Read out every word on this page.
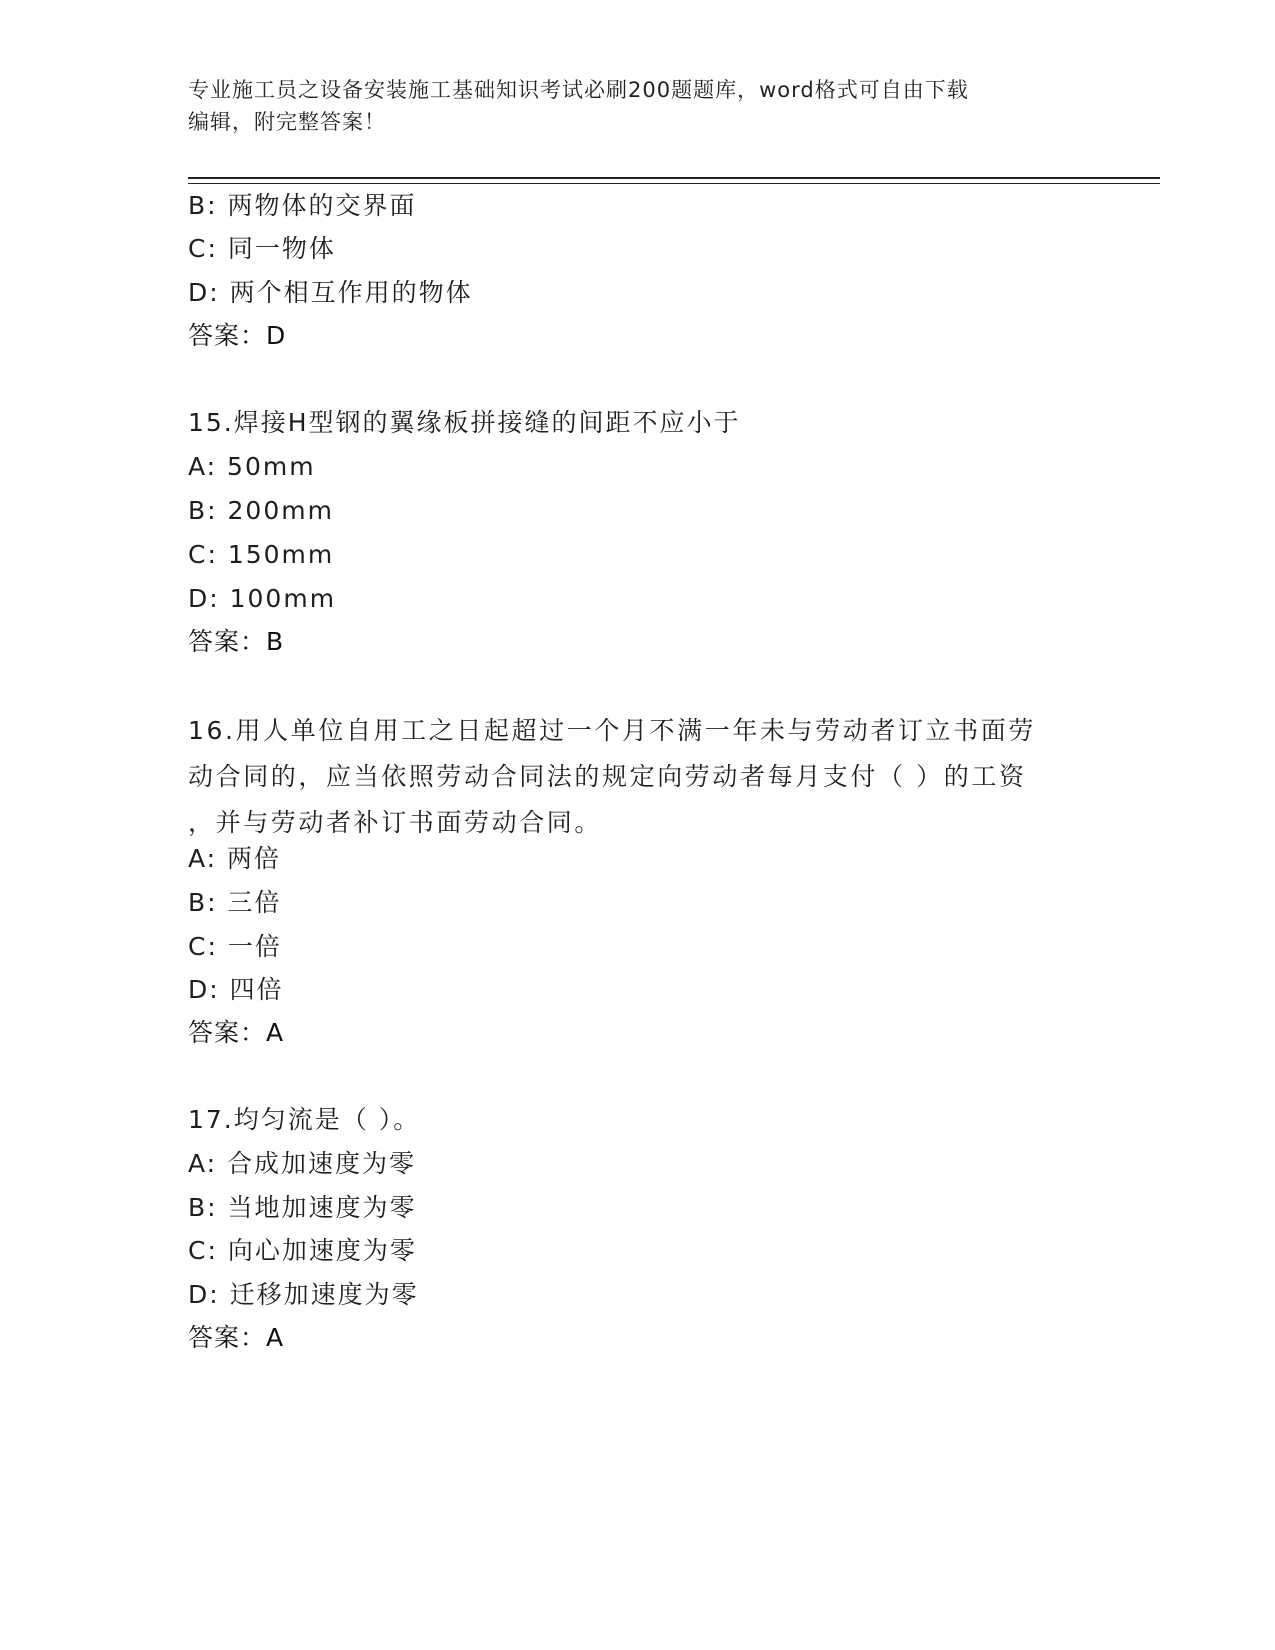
专业施工员之设备安装施工基础知识考试必刷200题题库，word格式可自由下载
编辑，附完整答案！
B: 两物体的交界面
C: 同一物体
D: 两个相互作用的物体
答案：D
15.焊接H型钢的翼缘板拼接缝的间距不应小于
A: 50mm
B: 200mm
C: 150mm
D: 100mm
答案：B
16.用人单位自用工之日起超过一个月不满一年未与劳动者订立书面劳
动合同的，应当依照劳动合同法的规定向劳动者每月支付（ ）的工资
，并与劳动者补订书面劳动合同。
A: 两倍
B: 三倍
C: 一倍
D: 四倍
答案：A
17.均匀流是（ ）。
A: 合成加速度为零
B: 当地加速度为零
C: 向心加速度为零
D: 迁移加速度为零
答案：A
